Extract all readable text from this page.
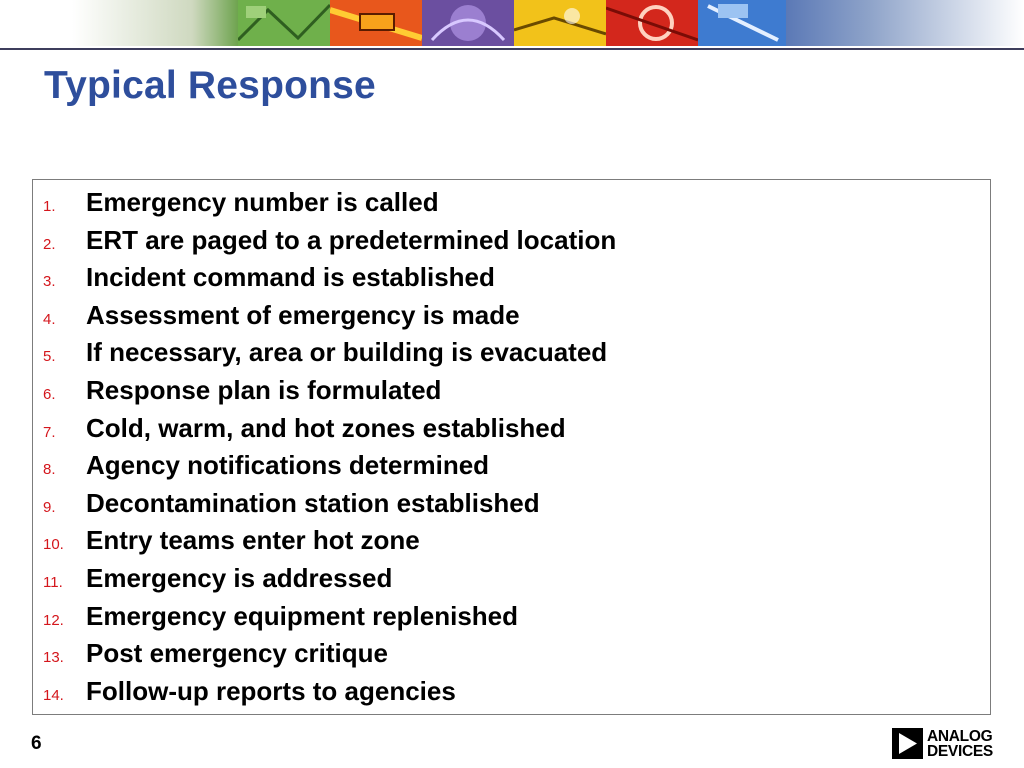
Typical Response
1. Emergency number is called
2. ERT are paged to a predetermined location
3. Incident command is established
4. Assessment of emergency is made
5. If necessary, area or building is evacuated
6. Response plan is formulated
7. Cold, warm, and hot zones established
8. Agency notifications determined
9. Decontamination station established
10. Entry teams enter hot zone
11. Emergency is addressed
12. Emergency equipment replenished
13. Post emergency critique
14. Follow-up reports to agencies
6	ANALOG
DEVICES
